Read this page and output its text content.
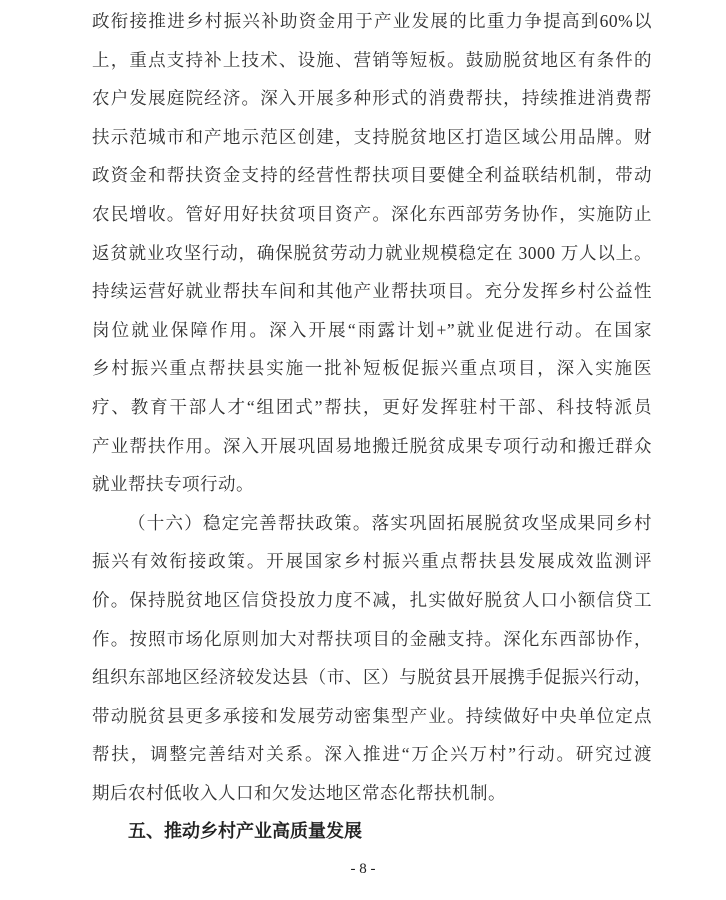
政衔接推进乡村振兴补助资金用于产业发展的比重力争提高到60%以
上，重点支持补上技术、设施、营销等短板。鼓励脱贫地区有条件的
农户发展庭院经济。深入开展多种形式的消费帮扶，持续推进消费帮
扶示范城市和产地示范区创建，支持脱贫地区打造区域公用品牌。财
政资金和帮扶资金支持的经营性帮扶项目要健全利益联结机制，带动
农民增收。管好用好扶贫项目资产。深化东西部劳务协作，实施防止
返贫就业攻坚行动，确保脱贫劳动力就业规模稳定在 3000 万人以上。
持续运营好就业帮扶车间和其他产业帮扶项目。充分发挥乡村公益性
岗位就业保障作用。深入开展“雨露计划+”就业促进行动。在国家
乡村振兴重点帮扶县实施一批补短板促振兴重点项目，深入实施医
疗、教育干部人才“组团式”帮扶，更好发挥驻村干部、科技特派员
产业帮扶作用。深入开展巩固易地搬迁脱贫成果专项行动和搬迁群众
就业帮扶专项行动。
（十六）稳定完善帮扶政策。落实巩固拓展脱贫攻坚成果同乡村
振兴有效衔接政策。开展国家乡村振兴重点帮扶县发展成效监测评
价。保持脱贫地区信贷投放力度不减，扎实做好脱贫人口小额信贷工
作。按照市场化原则加大对帮扶项目的金融支持。深化东西部协作，
组织东部地区经济较发达县（市、区）与脱贫县开展携手促振兴行动，
带动脱贫县更多承接和发展劳动密集型产业。持续做好中央单位定点
帮扶，调整完善结对关系。深入推进“万企兴万村”行动。研究过渡
期后农村低收入人口和欠发达地区常态化帮扶机制。
五、推动乡村产业高质量发展
- 8 -
